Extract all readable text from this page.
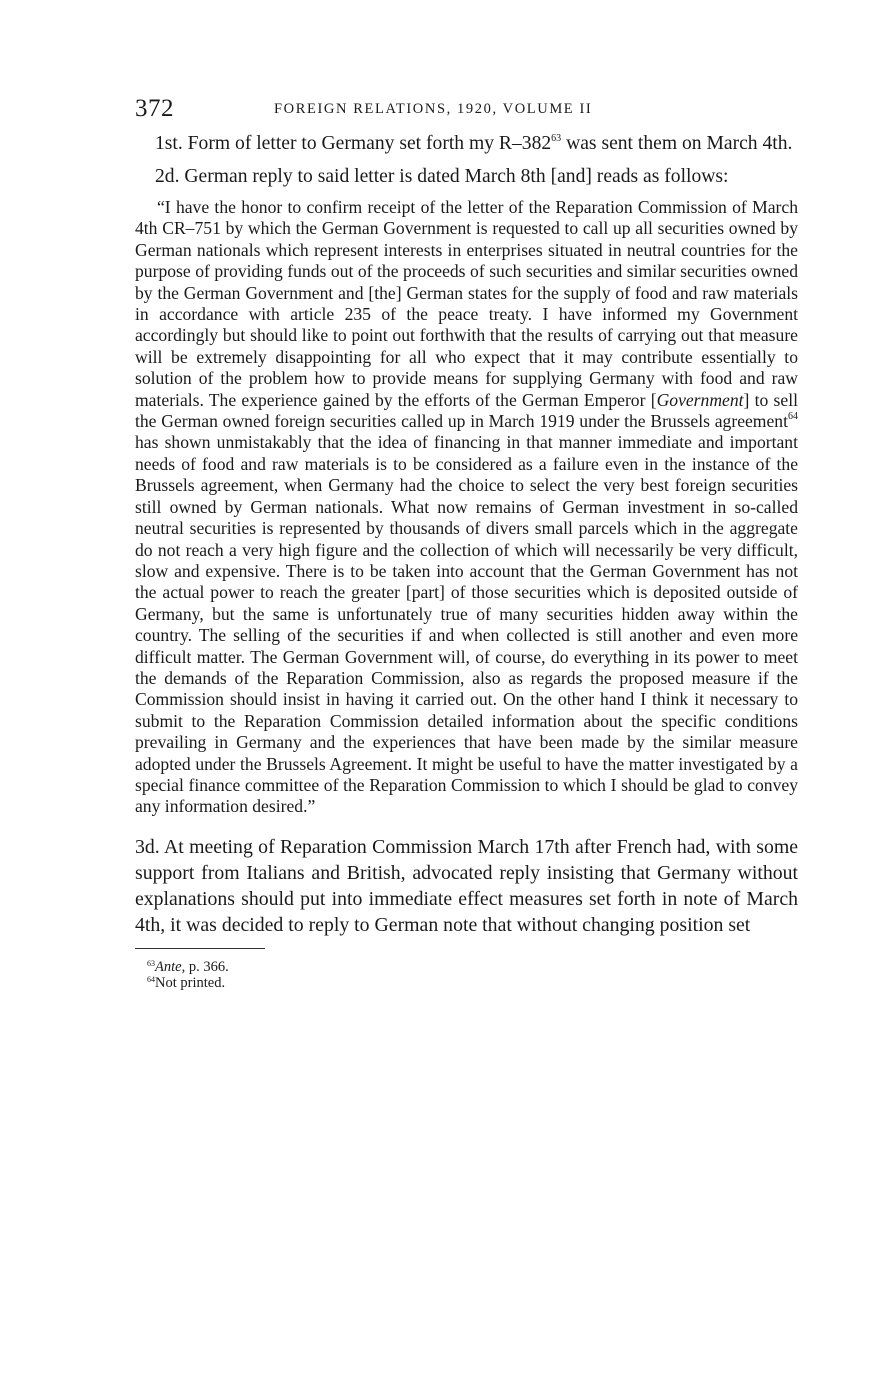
372	FOREIGN RELATIONS, 1920, VOLUME II

1st. Form of letter to Germany set forth my $R-382^{63}$ was sent them on March 4th.

2d. German reply to said letter is dated March 8th [and] reads as follows:

“I have the honor to confirm receipt of the letter of the Reparation Commission of March 4th CR–751 by which the German Government is requested to call up all securities owned by German nationals which represent interests in enterprises situated in neutral countries for the purpose of providing funds out of the proceeds of such securities and similar securities owned by the German Government and [the] German states for the supply of food and raw materials in accordance with article 235 of the peace treaty. I have informed my Government accordingly but should like to point out forthwith that the results of carrying out that measure will be extremely disappointing for all who expect that it may contribute essentially to solution of the problem how to provide means for supplying Germany with food and raw materials. The experience gained by the efforts of the German Emperor [Government] to sell the German owned foreign securities called up in March 1919 under the Brussels agreement$^{64}$ has shown unmistakably that the idea of financing in that manner immediate and important needs of food and raw materials is to be considered as a failure even in the instance of the Brussels agreement, when Germany had the choice to select the very best foreign securities still owned by German nationals. What now remains of German investment in so-called neutral securities is represented by thousands of divers small parcels which in the aggregate do not reach a very high figure and the collection of which will necessarily be very difficult, slow and expensive. There is to be taken into account that the German Government has not the actual power to reach the greater [part] of those securities which is deposited outside of Germany, but the same is unfortunately true of many securities hidden away within the country. The selling of the securities if and when collected is still another and even more difficult matter. The German Government will, of course, do everything in its power to meet the demands of the Reparation Commission, also as regards the proposed measure if the Commission should insist in having it carried out. On the other hand I think it necessary to submit to the Reparation Commission detailed information about the specific conditions prevailing in Germany and the experiences that have been made by the similar measure adopted under the Brussels Agreement. It might be useful to have the matter investigated by a special finance committee of the Reparation Commission to which I should be glad to convey any information desired.”

3d. At meeting of Reparation Commission March 17th after French had, with some support from Italians and British, advocated reply insisting that Germany without explanations should put into immediate effect measures set forth in note of March 4th, it was decided to reply to German note that without changing position set

$^{63}$Ante, p. 366.

$^{64}$Not printed.
